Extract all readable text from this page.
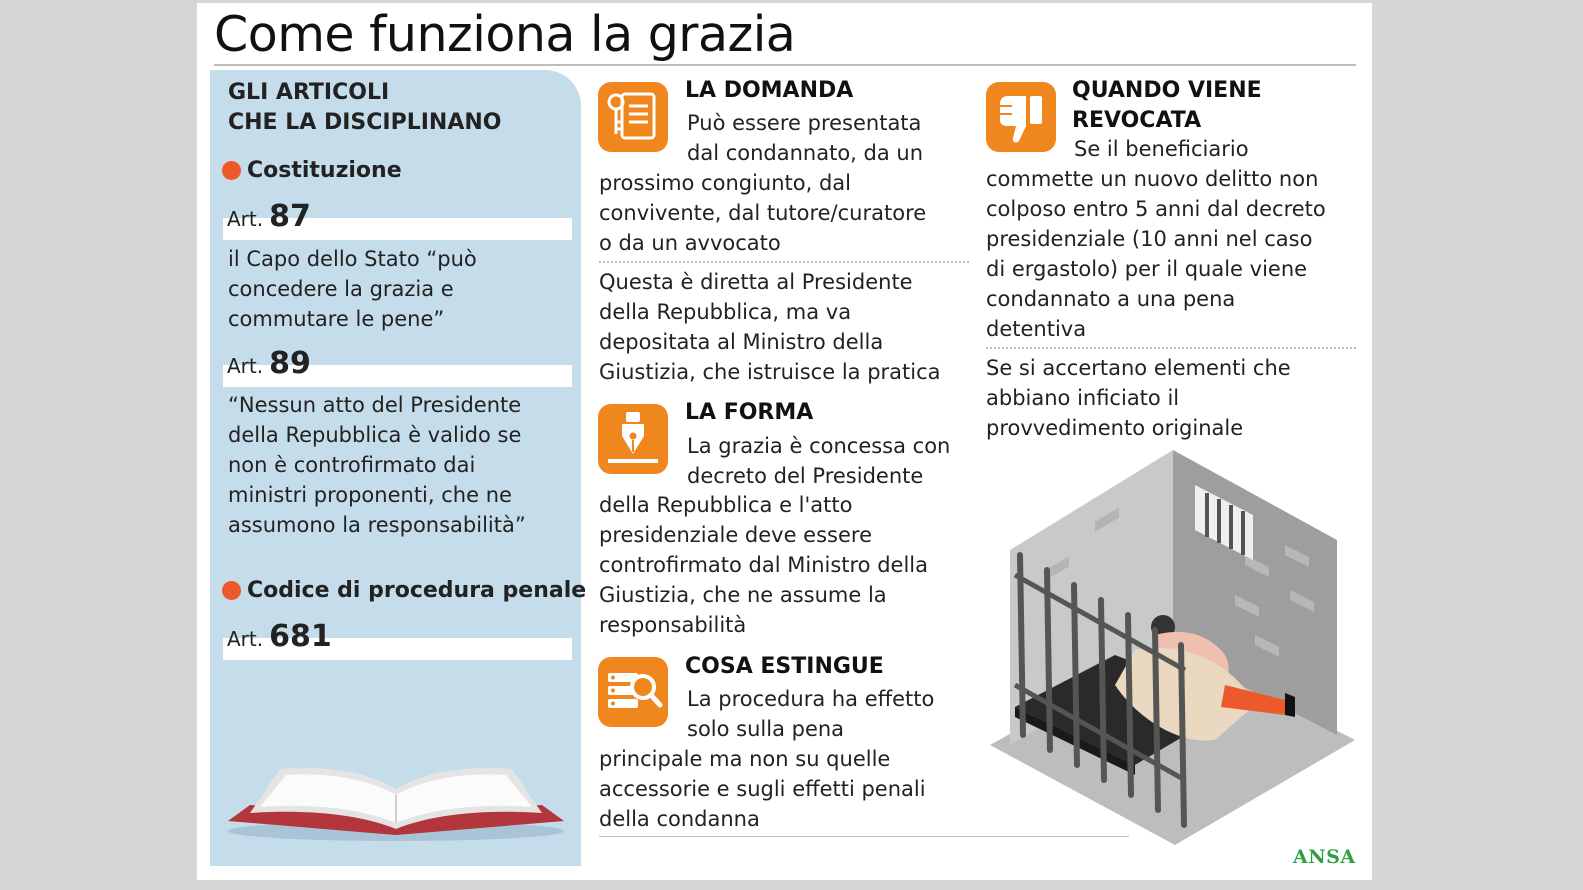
Come funziona la grazia
GLI ARTICOLI
CHE LA DISCIPLINANO
Costituzione
Art. 87
il Capo dello Stato “può
concedere la grazia e
commutare le pene”
Art. 89
“Nessun atto del Presidente
della Repubblica è valido se
non è controfirmato dai
ministri proponenti, che ne
assumono la responsabilità”
Codice di procedura penale
Art. 681
LA DOMANDA
Può essere presentata
dal condannato, da un
prossimo congiunto, dal
convivente, dal tutore/curatore
o da un avvocato
Questa è diretta al Presidente
della Repubblica, ma va
depositata al Ministro della
Giustizia, che istruisce la pratica
LA FORMA
La grazia è concessa con
decreto del Presidente
della Repubblica e l'atto
presidenziale deve essere
controfirmato dal Ministro della
Giustizia, che ne assume la
responsabilità
COSA ESTINGUE
La procedura ha effetto
solo sulla pena
principale ma non su quelle
accessorie e sugli effetti penali
della condanna
QUANDO VIENE
REVOCATA
Se il beneficiario
commette un nuovo delitto non
colposo entro 5 anni dal decreto
presidenziale (10 anni nel caso
di ergastolo) per il quale viene
condannato a una pena
detentiva
Se si accertano elementi che
abbiano inficiato il
provvedimento originale
ANSA
